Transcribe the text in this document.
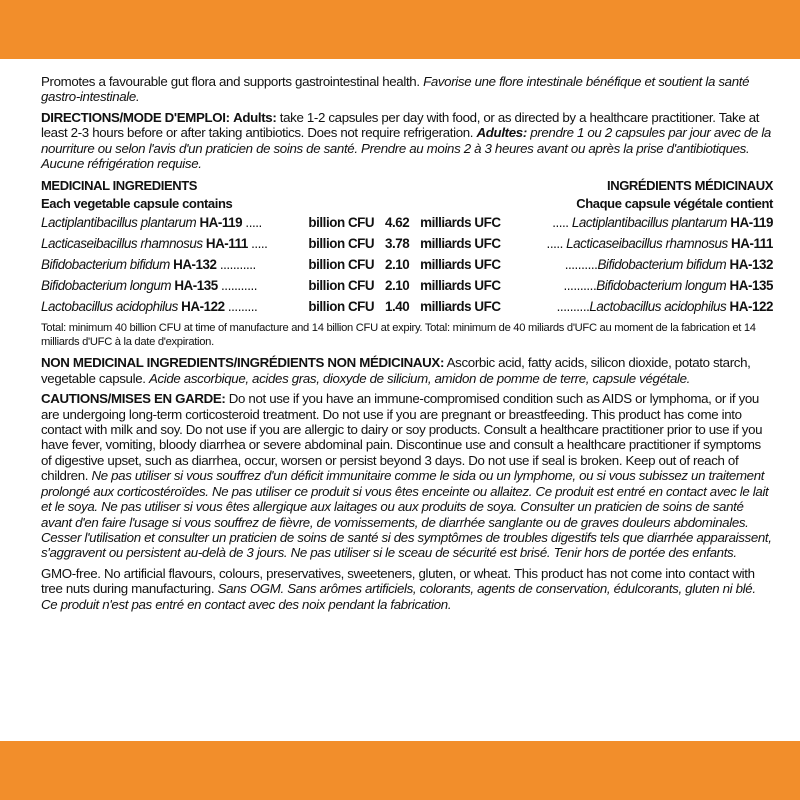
Promotes a favourable gut flora and supports gastrointestinal health. Favorise une flore intestinale bénéfique et soutient la santé gastro-intestinale.

DIRECTIONS/MODE D'EMPLOI: Adults: take 1-2 capsules per day with food, or as directed by a healthcare practitioner. Take at least 2-3 hours before or after taking antibiotics. Does not require refrigeration. Adultes: prendre 1 ou 2 capsules par jour avec de la nourriture ou selon l'avis d'un praticien de soins de santé. Prendre au moins 2 à 3 heures avant ou après la prise d'antibiotiques. Aucune réfrigération requise.

MEDICINAL INGREDIENTS	INGRÉDIENTS MÉDICINAUX
Each vegetable capsule contains	Chaque capsule végétale contient
Lactiplantibacillus plantarum HA-119 .....	billion CFU 4.62 milliards UFC	..... Lactiplantibacillus plantarum HA-119
Lacticaseibacillus rhamnosus HA-111 .....	billion CFU 3.78 milliards UFC	..... Lacticaseibacillus rhamnosus HA-111
Bifidobacterium bifidum HA-132 ...........	billion CFU 2.10 milliards UFC	..........Bifidobacterium bifidum HA-132
Bifidobacterium longum HA-135 ...........	billion CFU 2.10 milliards UFC	..........Bifidobacterium longum HA-135
Lactobacillus acidophilus HA-122 .........	billion CFU 1.40 milliards UFC	..........Lactobacillus acidophilus HA-122

Total: minimum 40 billion CFU at time of manufacture and 14 billion CFU at expiry. Total: minimum de 40 miliards d'UFC au moment de la fabrication et 14 milliards d'UFC à la date d'expiration.

NON MEDICINAL INGREDIENTS/INGRÉDIENTS NON MÉDICINAUX: Ascorbic acid, fatty acids, silicon dioxide, potato starch, vegetable capsule. Acide ascorbique, acides gras, dioxyde de silicium, amidon de pomme de terre, capsule végétale.

CAUTIONS/MISES EN GARDE: Do not use if you have an immune-compromised condition such as AIDS or lymphoma, or if you are undergoing long-term corticosteroid treatment. Do not use if you are pregnant or breastfeeding. This product has come into contact with milk and soy. Do not use if you are allergic to dairy or soy products. Consult a healthcare practitioner prior to use if you have fever, vomiting, bloody diarrhea or severe abdominal pain. Discontinue use and consult a healthcare practitioner if symptoms of digestive upset, such as diarrhea, occur, worsen or persist beyond 3 days. Do not use if seal is broken. Keep out of reach of children. Ne pas utiliser si vous souffrez d'un déficit immunitaire comme le sida ou un lymphome, ou si vous subissez un traitement prolongé aux corticostéroïdes. Ne pas utiliser ce produit si vous êtes enceinte ou allaitez. Ce produit est entré en contact avec le lait et le soya. Ne pas utiliser si vous êtes allergique aux laitages ou aux produits de soya. Consulter un praticien de soins de santé avant d'en faire l'usage si vous souffrez de fièvre, de vomissements, de diarrhée sanglante ou de graves douleurs abdominales. Cesser l'utilisation et consulter un praticien de soins de santé si des symptômes de troubles digestifs tels que diarrhée apparaissent, s'aggravent ou persistent au-delà de 3 jours. Ne pas utiliser si le sceau de sécurité est brisé. Tenir hors de portée des enfants.

GMO-free. No artificial flavours, colours, preservatives, sweeteners, gluten, or wheat. This product has not come into contact with tree nuts during manufacturing. Sans OGM. Sans arômes artificiels, colorants, agents de conservation, édulcorants, gluten ni blé. Ce produit n'est pas entré en contact avec des noix pendant la fabrication.
